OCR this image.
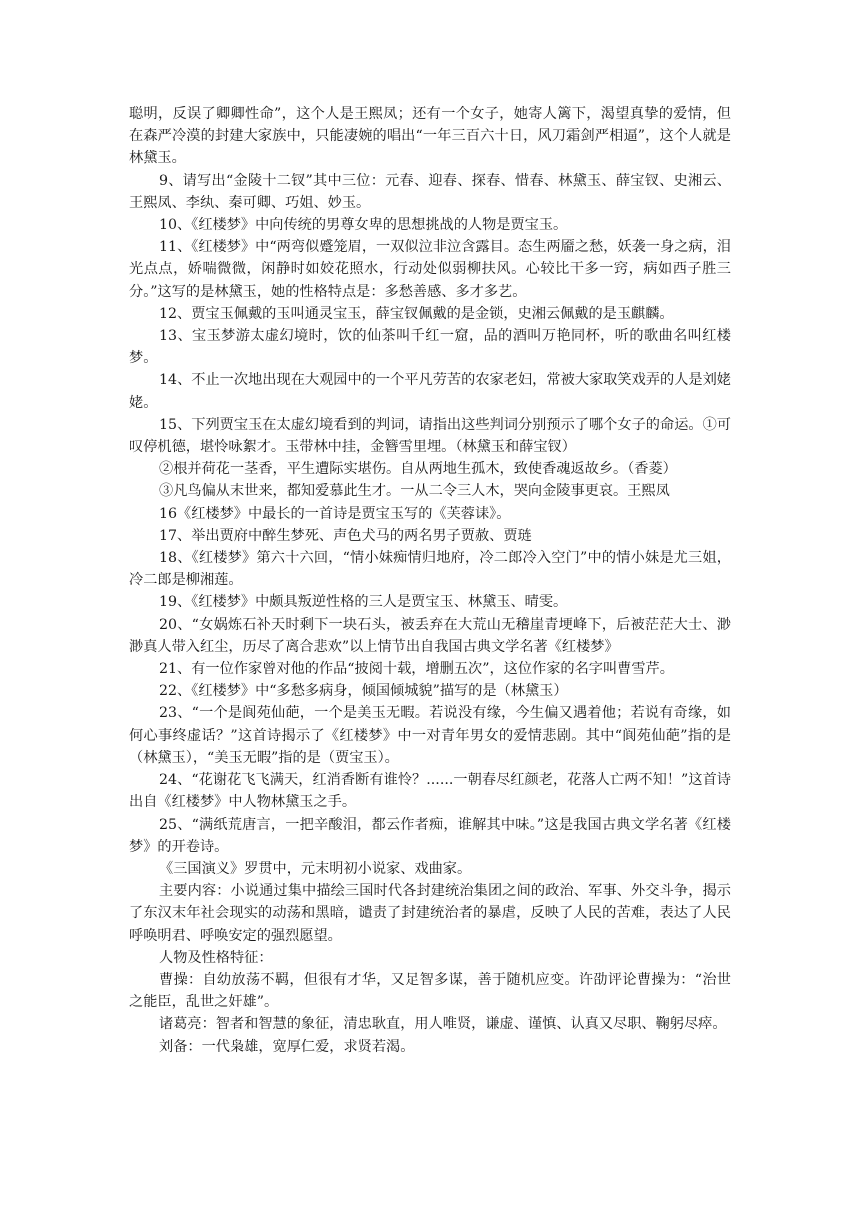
聪明，反误了卿卿性命”，这个人是王熙凤；还有一个女子，她寄人篱下，渴望真挚的爱情，但在森严冷漠的封建大家族中，只能凄婉的唱出“一年三百六十日，风刀霜剑严相逼”，这个人就是林黛玉。

9、请写出“金陵十二钗”其中三位：元春、迎春、探春、惜春、林黛玉、薛宝钗、史湘云、王熙凤、李纨、秦可卿、巧姐、妙玉。

10、《红楼梦》中向传统的男尊女卑的思想挑战的人物是贾宝玉。

11、《红楼梦》中“两弯似蹙笼眉，一双似泣非泣含露目。态生两靥之愁，妖袭一身之病，泪光点点，娇喘微微，闲静时如姣花照水，行动处似弱柳扶风。心较比干多一窍，病如西子胜三分。”这写的是林黛玉，她的性格特点是：多愁善感、多才多艺。

12、贾宝玉佩戴的玉叫通灵宝玉，薛宝钗佩戴的是金锁，史湘云佩戴的是玉麒麟。

13、宝玉梦游太虚幻境时，饮的仙茶叫千红一窟，品的酒叫万艳同杯，听的歌曲名叫红楼梦。

14、不止一次地出现在大观园中的一个平凡劳苦的农家老妇，常被大家取笑戏弄的人是刘姥姥。

15、下列贾宝玉在太虚幻境看到的判词，请指出这些判词分别预示了哪个女子的命运。①可叹停机德，堪怜咏絮才。玉带林中挂，金簪雪里埋。（林黛玉和薛宝钗）

②根并荷花一茎香，平生遭际实堪伤。自从两地生孤木，致使香魂返故乡。（香菱）

③凡鸟偏从末世来，都知爱慕此生才。一从二令三人木，哭向金陵事更哀。王熙凤

16《红楼梦》中最长的一首诗是贾宝玉写的《芙蓉诔》。

17、举出贾府中醉生梦死、声色犬马的两名男子贾赦、贾琏

18、《红楼梦》第六十六回，“情小妹痴情归地府，冷二郎冷入空门”中的情小妹是尤三姐，冷二郎是柳湘莲。

19、《红楼梦》中颇具叛逆性格的三人是贾宝玉、林黛玉、晴雯。

20、“女娲炼石补天时剩下一块石头，被丢弃在大荒山无稽崖青埂峰下，后被茫茫大士、渺渺真人带入红尘，历尽了离合悲欢”以上情节出自我国古典文学名著《红楼梦》

21、有一位作家曾对他的作品“披阅十载，增删五次”，这位作家的名字叫曹雪芹。

22、《红楼梦》中“多愁多病身，倾国倾城貌”描写的是（林黛玉）

23、“一个是阆苑仙葩，一个是美玉无暇。若说没有缘，今生偏又遇着他；若说有奇缘，如何心事终虚话？”这首诗揭示了《红楼梦》中一对青年男女的爱情悲剧。其中“阆苑仙葩”指的是（林黛玉），“美玉无暇”指的是（贾宝玉）。

24、“花谢花飞飞满天，红消香断有谁怜？......一朝春尽红颜老，花落人亡两不知！”这首诗出自《红楼梦》中人物林黛玉之手。

25、“满纸荒唐言，一把辛酸泪，都云作者痴，谁解其中味。”这是我国古典文学名著《红楼梦》的开卷诗。

《三国演义》罗贯中，元末明初小说家、戏曲家。

主要内容：小说通过集中描绘三国时代各封建统治集团之间的政治、军事、外交斗争，揭示了东汉末年社会现实的动荡和黑暗，谴责了封建统治者的暴虐，反映了人民的苦难，表达了人民呼唤明君、呼唤安定的强烈愿望。

人物及性格特征：

曹操：自幼放荡不羁，但很有才华，又足智多谋，善于随机应变。许劭评论曹操为：“治世之能臣，乱世之奸雄”。

诸葛亮：智者和智慧的象征，清忠耿直，用人唯贤，谦虚、谨慎、认真又尽职、鞠躬尽瘁。

刘备：一代枭雄，宽厚仁爱，求贤若渴。
